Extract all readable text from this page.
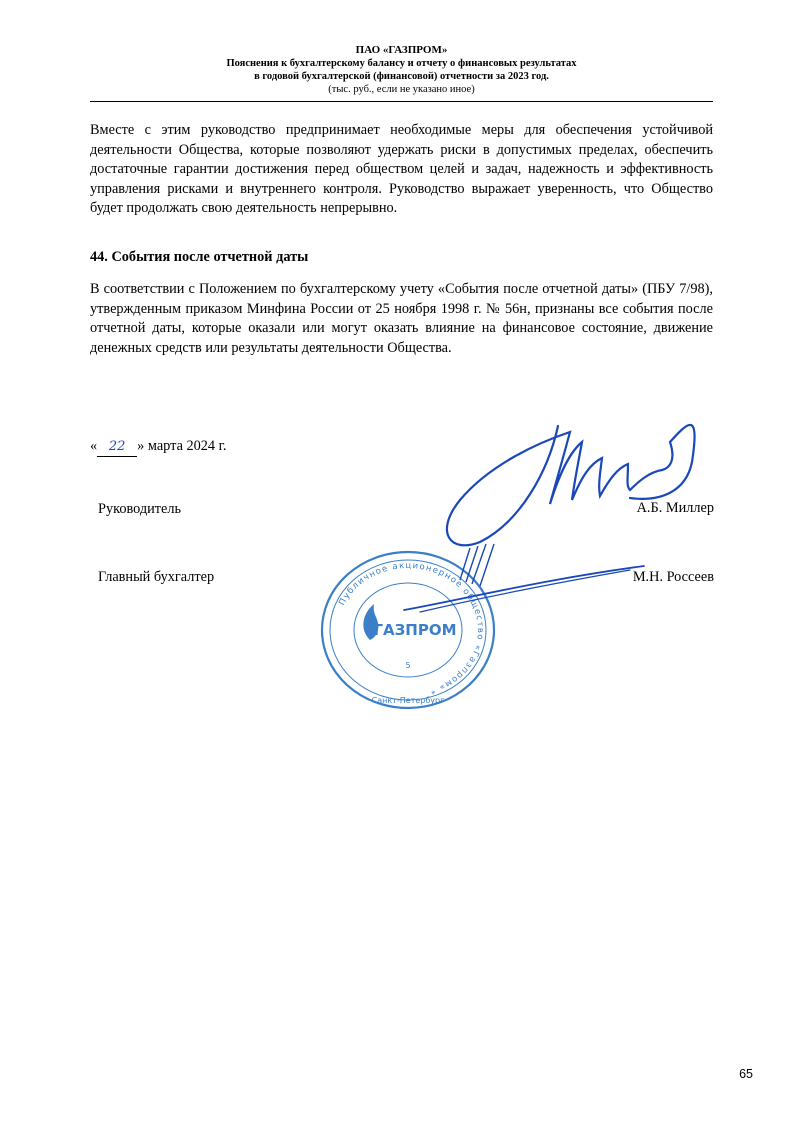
ПАО «ГАЗПРОМ»
Пояснения к бухгалтерскому балансу и отчету о финансовых результатах
в годовой бухгалтерской (финансовой) отчетности за 2023 год.
(тыс. руб., если не указано иное)

Вместе с этим руководство предпринимает необходимые меры для обеспечения устойчивой деятельности Общества, которые позволяют удержать риски в допустимых пределах, обеспечить достаточные гарантии достижения перед обществом целей и задач, надежность и эффективность управления рисками и внутреннего контроля. Руководство выражает уверенность, что Общество будет продолжать свою деятельность непрерывно.

44. События после отчетной даты

В соответствии с Положением по бухгалтерскому учету «События после отчетной даты» (ПБУ 7/98), утвержденным приказом Минфина России от 25 ноября 1998 г. № 56н, признаны все события после отчетной даты, которые оказали или могут оказать влияние на финансовое состояние, движение денежных средств или результаты деятельности Общества.

« 22 » марта 2024 г.
Руководитель	А.Б. Миллер
Главный бухгалтер	М.Н. Россеев
Публичное акционерное общество «Газпром» *
Санкт-Петербург
ГАЗПРОМ
5
65
